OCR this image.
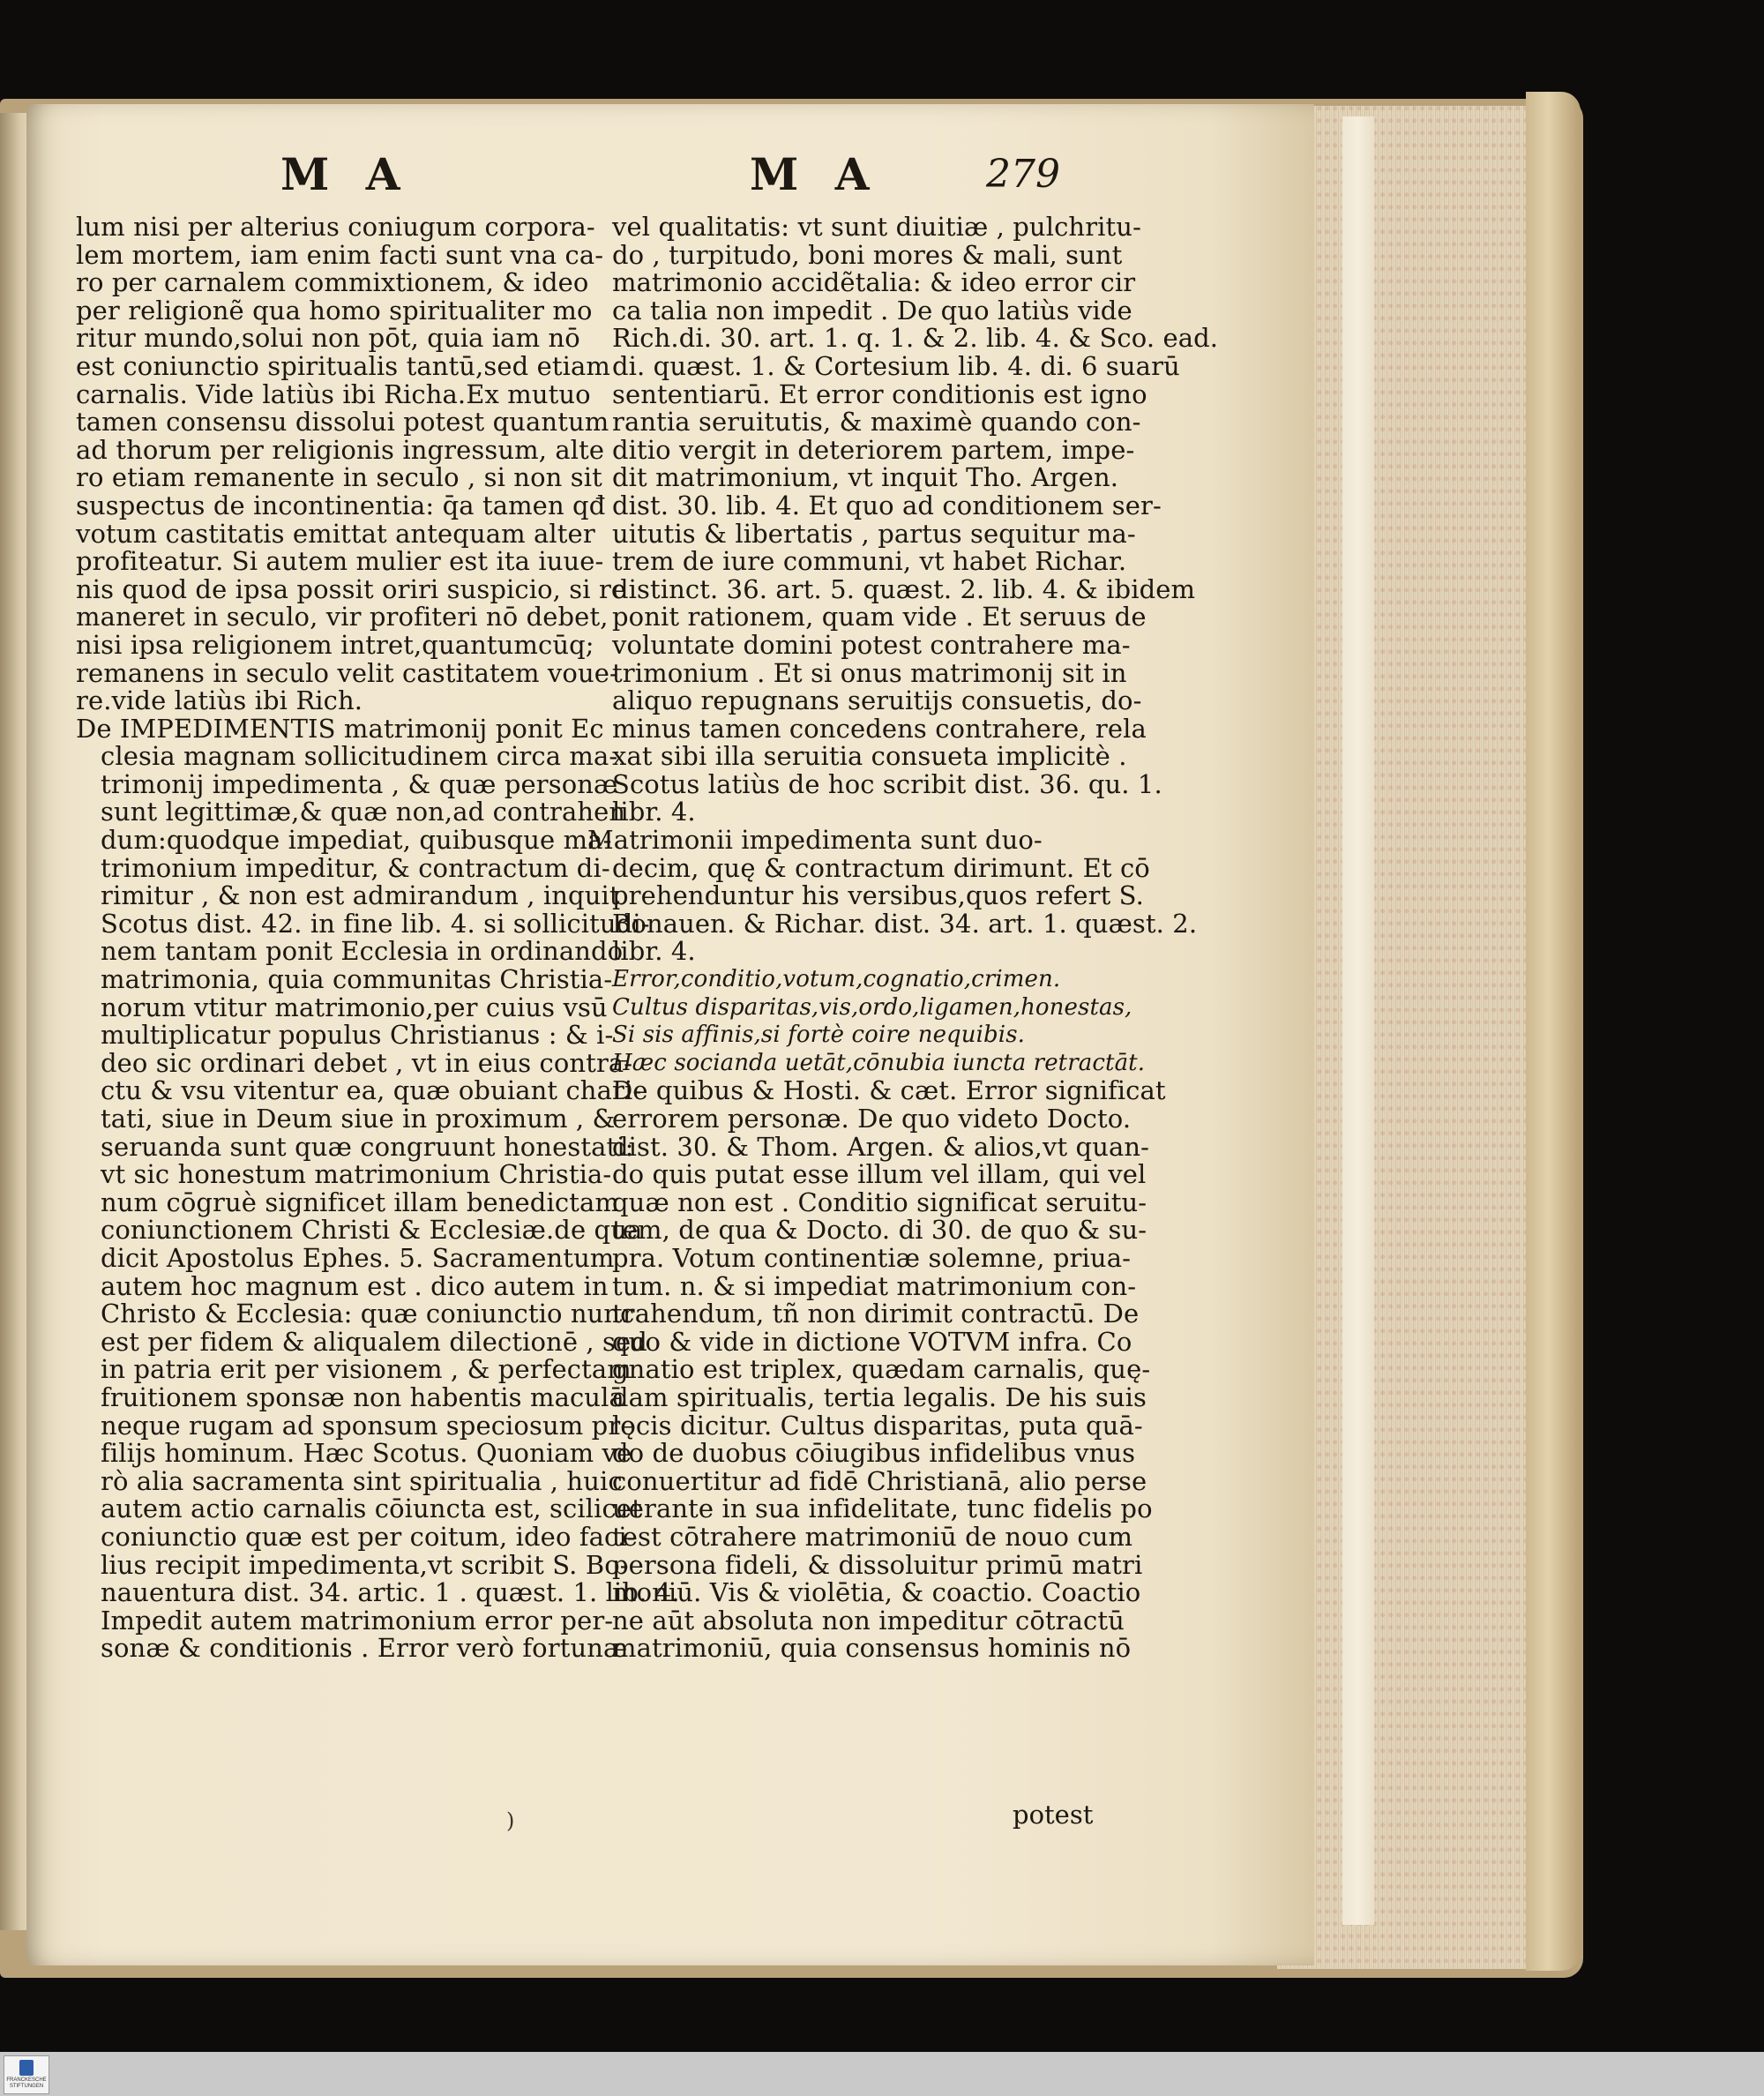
M A	M A	279

lum nisi per alterius coniugum corpora-

lem mortem, iam enim facti sunt vna ca-

ro per carnalem commixtionem, & ideo

per religionẽ qua homo spiritualiter mo

ritur mundo,solui non pōt, quia iam nō

est coniunctio spiritualis tantū,sed etiam

carnalis. Vide latiùs ibi Richa.Ex mutuo

tamen consensu dissolui potest quantum

ad thorum per religionis ingressum, alte

ro etiam remanente in seculo , si non sit

suspectus de incontinentia: q̄a tamen qđ

votum castitatis emittat antequam alter

profiteatur. Si autem mulier est ita iuue-

nis quod de ipsa possit oriri suspicio, si re

maneret in seculo, vir profiteri nō debet,

nisi ipsa religionem intret,quantumcūq;

remanens in seculo velit castitatem voue-

re.vide latiùs ibi Rich.

De IMPEDIMENTIS matrimonij ponit Ec

clesia magnam sollicitudinem circa ma-

trimonij impedimenta , & quæ personæ

sunt legittimæ,& quæ non,ad contrahen

dum:quodque impediat, quibusque ma-

trimonium impeditur, & contractum di-

rimitur , & non est admirandum , inquit

Scotus dist. 42. in fine lib. 4. si sollicitudi-

nem tantam ponit Ecclesia in ordinando

matrimonia, quia communitas Christia-

norum vtitur matrimonio,per cuius vsū

multiplicatur populus Christianus : & i-

deo sic ordinari debet , vt in eius contra-

ctu & vsu vitentur ea, quæ obuiant chari-

tati, siue in Deum siue in proximum , &

seruanda sunt quæ congruunt honestati:

vt sic honestum matrimonium Christia-

num cōgruè significet illam benedictam

coniunctionem Christi & Ecclesiæ.de qua

dicit Apostolus Ephes. 5. Sacramentum

autem hoc magnum est . dico autem in

Christo & Ecclesia: quæ coniunctio nunc

est per fidem & aliqualem dilectionē , sed

in patria erit per visionem , & perfectam

fruitionem sponsæ non habentis maculā

neque rugam ad sponsum speciosum prę

filijs hominum. Hæc Scotus. Quoniam ve

rò alia sacramenta sint spiritualia , huic

autem actio carnalis cōiuncta est, scilicet

coniunctio quæ est per coitum, ideo faci-

lius recipit impedimenta,vt scribit S. Bo-

nauentura dist. 34. artic. 1 . quæst. 1. lib. 4.

Impedit autem matrimonium error per-

sonæ & conditionis . Error verò fortunæ

vel qualitatis: vt sunt diuitiæ , pulchritu-

do , turpitudo, boni mores & mali, sunt

matrimonio accidẽtalia: & ideo error cir

ca talia non impedit . De quo latiùs vide

Rich.di. 30. art. 1. q. 1. & 2. lib. 4. & Sco. ead.

di. quæst. 1. & Cortesium lib. 4. di. 6 suarū

sententiarū. Et error conditionis est igno

rantia seruitutis, & maximè quando con-

ditio vergit in deteriorem partem, impe-

dit matrimonium, vt inquit Tho. Argen.

dist. 30. lib. 4. Et quo ad conditionem ser-

uitutis & libertatis , partus sequitur ma-

trem de iure communi, vt habet Richar.

distinct. 36. art. 5. quæst. 2. lib. 4. & ibidem

ponit rationem, quam vide . Et seruus de

voluntate domini potest contrahere ma-

trimonium . Et si onus matrimonij sit in

aliquo repugnans seruitijs consuetis, do-

minus tamen concedens contrahere, rela

xat sibi illa seruitia consueta implicitè .

Scotus latiùs de hoc scribit dist. 36. qu. 1.

libr. 4.

Matrimonii impedimenta sunt duo-

decim, quę & contractum dirimunt. Et cō

prehenduntur his versibus,quos refert S.

Bonauen. & Richar. dist. 34. art. 1. quæst. 2.

libr. 4.

Error,conditio,votum,cognatio,crimen.

Cultus disparitas,vis,ordo,ligamen,honestas,

Si sis affinis,si fortè coire nequibis.

Hæc socianda uetāt,cōnubia iuncta retractāt.

De quibus & Hosti. & cæt. Error significat

errorem personæ. De quo videto Docto.

dist. 30. & Thom. Argen. & alios,vt quan-

do quis putat esse illum vel illam, qui vel

quæ non est . Conditio significat seruitu-

tem, de qua & Docto. di 30. de quo & su-

pra. Votum continentiæ solemne, priua-

tum. n. & si impediat matrimonium con-

trahendum, tñ non dirimit contractū. De

quo & vide in dictione VOTVM infra. Co

gnatio est triplex, quædam carnalis, quę-

dam spiritualis, tertia legalis. De his suis

locis dicitur. Cultus disparitas, puta quā-

do de duobus cōiugibus infidelibus vnus

conuertitur ad fidē Christianā, alio perse

uerante in sua infidelitate, tunc fidelis po

test cōtrahere matrimoniū de nouo cum

persona fideli, & dissoluitur primū matri

moniū. Vis & violētia, & coactio. Coactio

ne aūt absoluta non impeditur cōtractū

matrimoniū, quia consensus hominis nō

)	potest
FRANCKESCHE STIFTUNGEN
